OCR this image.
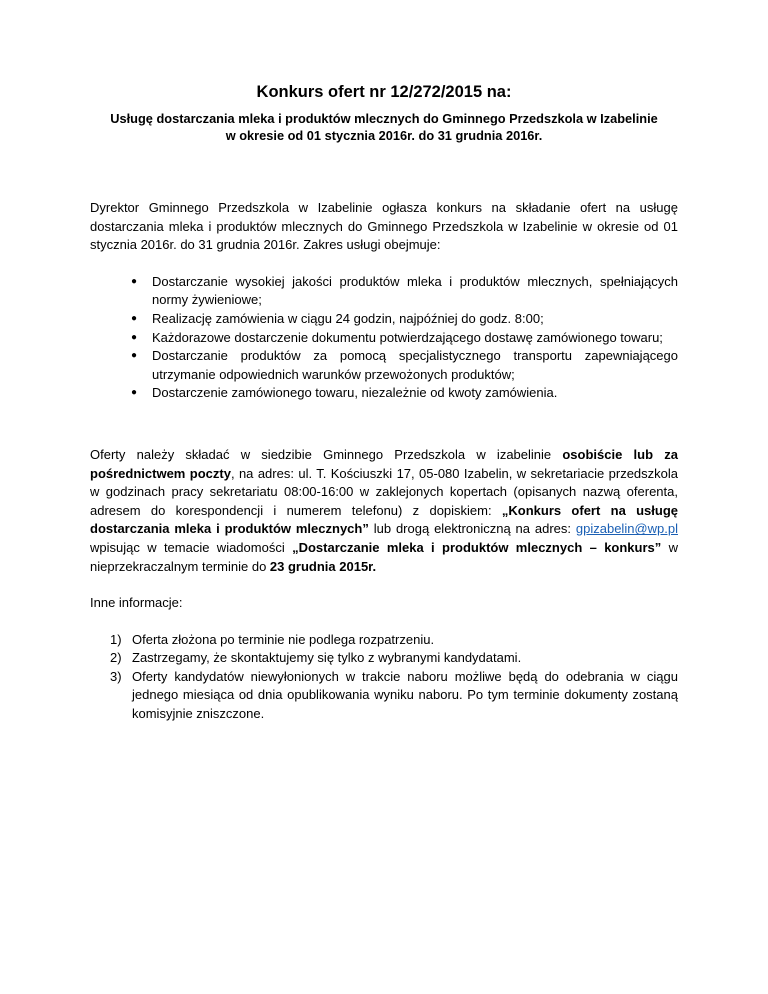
Konkurs ofert nr 12/272/2015 na:
Usługę dostarczania mleka i produktów mlecznych do Gminnego Przedszkola w Izabelinie
w okresie od 01 stycznia 2016r. do 31 grudnia 2016r.

Dyrektor Gminnego Przedszkola w Izabelinie ogłasza konkurs na składanie ofert na usługę dostarczania mleka i produktów mlecznych do Gminnego Przedszkola w Izabelinie w okresie od 01 stycznia 2016r. do 31 grudnia 2016r. Zakres usługi obejmuje:

● Dostarczanie wysokiej jakości produktów mleka i produktów mlecznych, spełniających normy żywieniowe;
● Realizację zamówienia w ciągu 24 godzin, najpóźniej do godz. 8:00;
● Każdorazowe dostarczenie dokumentu potwierdzającego dostawę zamówionego towaru;
● Dostarczanie produktów za pomocą specjalistycznego transportu zapewniającego utrzymanie odpowiednich warunków przewożonych produktów;
● Dostarczenie zamówionego towaru, niezależnie od kwoty zamówienia.

Oferty należy składać w siedzibie Gminnego Przedszkola w izabelinie osobiście lub za pośrednictwem poczty, na adres: ul. T. Kościuszki 17, 05-080 Izabelin, w sekretariacie przedszkola w godzinach pracy sekretariatu 08:00-16:00 w zaklejonych kopertach (opisanych nazwą oferenta, adresem do korespondencji i numerem telefonu) z dopiskiem: „Konkurs ofert na usługę dostarczania mleka i produktów mlecznych” lub drogą elektroniczną na adres: gpizabelin@wp.pl wpisując w temacie wiadomości „Dostarczanie mleka i produktów mlecznych – konkurs” w nieprzekraczalnym terminie do 23 grudnia 2015r.

Inne informacje:

1) Oferta złożona po terminie nie podlega rozpatrzeniu.
2) Zastrzegamy, że skontaktujemy się tylko z wybranymi kandydatami.
3) Oferty kandydatów niewyłonionych w trakcie naboru możliwe będą do odebrania w ciągu jednego miesiąca od dnia opublikowania wyniku naboru. Po tym terminie dokumenty zostaną komisyjnie zniszczone.
